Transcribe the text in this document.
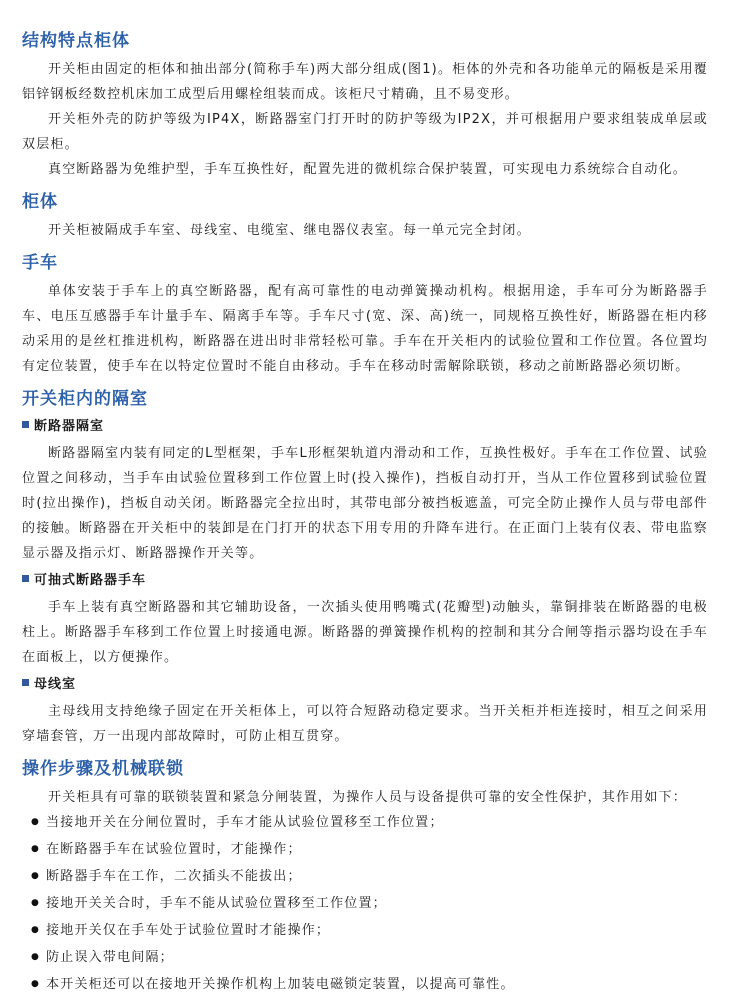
结构特点柜体

开关柜由固定的柜体和抽出部分(简称手车)两大部分组成(图1)。柜体的外壳和各功能单元的隔板是采用覆铝锌钢板经数控机床加工成型后用螺栓组装而成。该柜尺寸精确，且不易变形。

开关柜外壳的防护等级为IP4X，断路器室门打开时的防护等级为IP2X，并可根据用户要求组装成单层或双层柜。

真空断路器为免维护型，手车互换性好，配置先进的微机综合保护装置，可实现电力系统综合自动化。

柜体

开关柜被隔成手车室、母线室、电缆室、继电器仪表室。每一单元完全封闭。

手车

单体安装于手车上的真空断路器，配有高可靠性的电动弹簧操动机构。根据用途，手车可分为断路器手车、电压互感器手车计量手车、隔离手车等。手车尺寸(宽、深、高)统一，同规格互换性好，断路器在柜内移动采用的是丝杠推进机构，断路器在进出时非常轻松可靠。手车在开关柜内的试验位置和工作位置。各位置均有定位装置，使手车在以特定位置时不能自由移动。手车在移动时需解除联锁，移动之前断路器必须切断。

开关柜内的隔室
断路器隔室

断路器隔室内装有同定的L型框架，手车L形框架轨道内滑动和工作，互换性极好。手车在工作位置、试验位置之间移动，当手车由试验位置移到工作位置上时(投入操作)，挡板自动打开，当从工作位置移到试验位置时(拉出操作)，挡板自动关闭。断路器完全拉出时，其带电部分被挡板遮盖，可完全防止操作人员与带电部件的接触。断路器在开关柜中的装卸是在门打开的状态下用专用的升降车进行。在正面门上装有仪表、带电监察显示器及指示灯、断路器操作开关等。

可抽式断路器手车

手车上装有真空断路器和其它辅助设备，一次插头使用鸭嘴式(花瓣型)动触头，靠铜排装在断路器的电极柱上。断路器手车移到工作位置上时接通电源。断路器的弹簧操作机构的控制和其分合闸等指示器均设在手车在面板上，以方便操作。

母线室

主母线用支持绝缘子固定在开关柜体上，可以符合短路动稳定要求。当开关柜并柜连接时，相互之间采用穿墙套管，万一出现内部故障时，可防止相互贯穿。

操作步骤及机械联锁

开关柜具有可靠的联锁装置和紧急分闸装置，为操作人员与设备提供可靠的安全性保护，其作用如下：

● 当接地开关在分闸位置时，手车才能从试验位置移至工作位置；
● 在断路器手车在试验位置时，才能操作；
● 断路器手车在工作，二次插头不能拔出；
● 接地开关关合时，手车不能从试验位置移至工作位置；
● 接地开关仅在手车处于试验位置时才能操作；
● 防止误入带电间隔；
● 本开关柜还可以在接地开关操作机构上加装电磁锁定装置，以提高可靠性。
